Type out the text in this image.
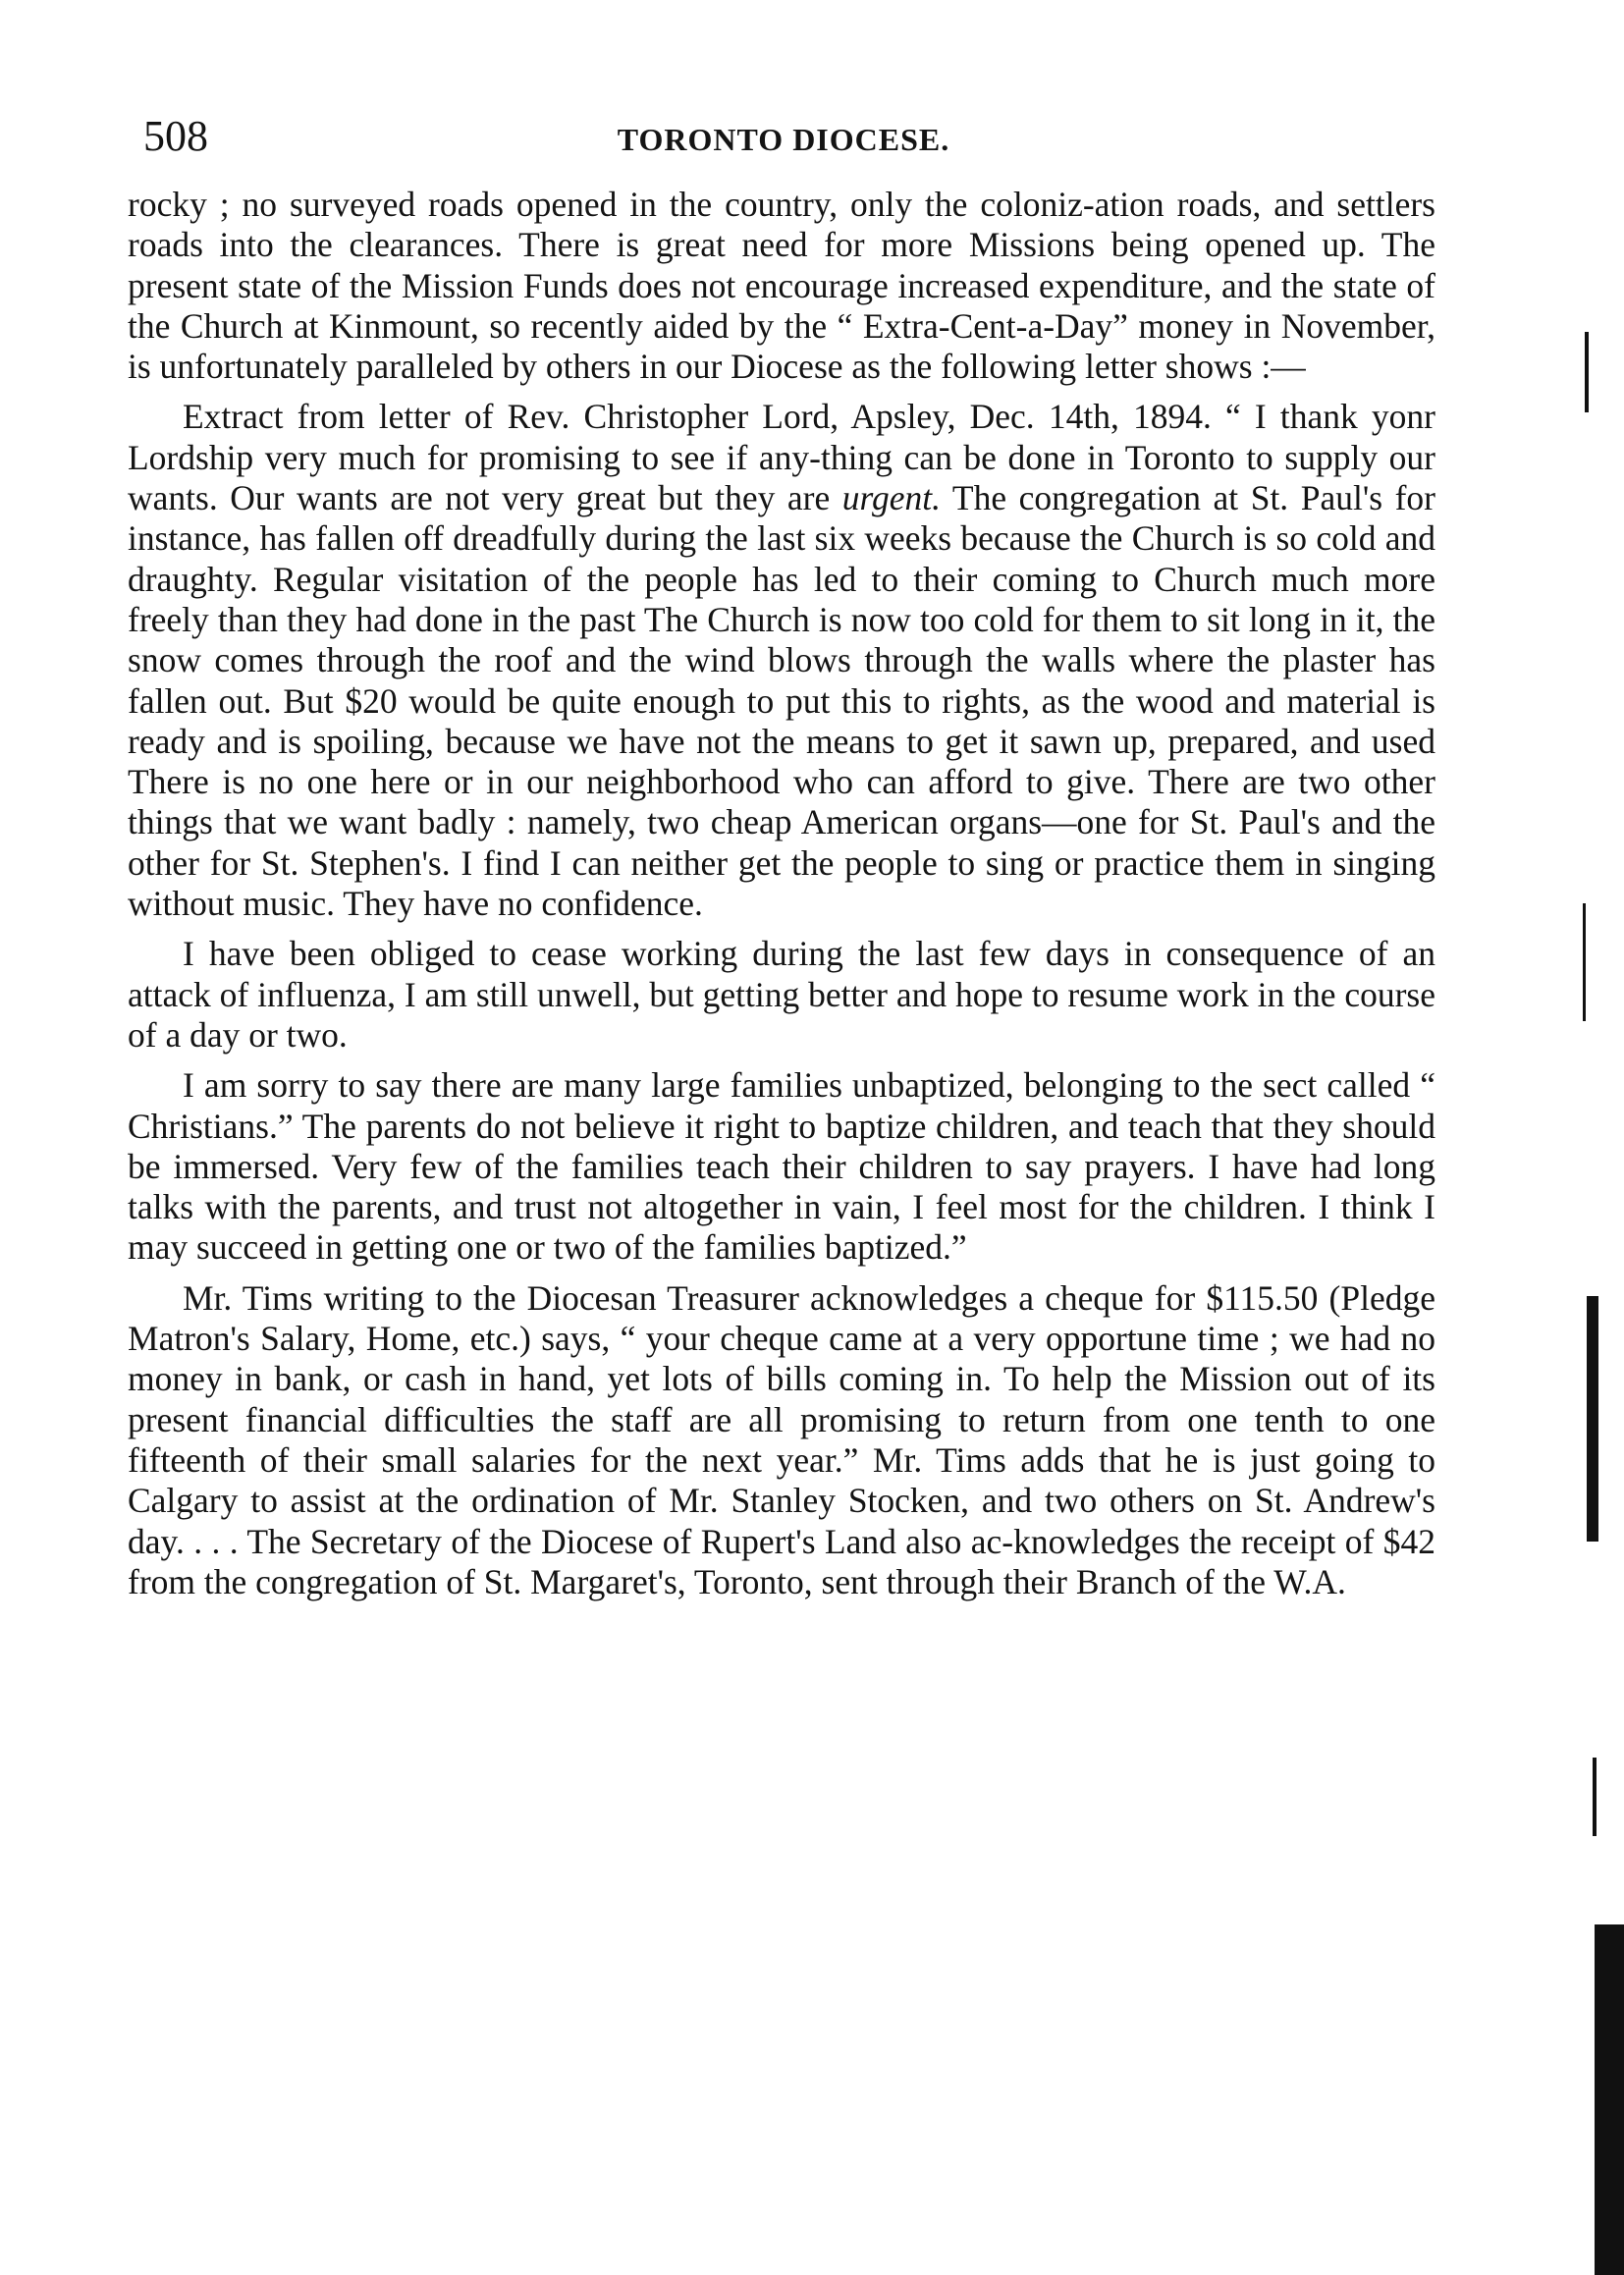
508	TORONTO DIOCESE.

rocky ; no surveyed roads opened in the country, only the coloniz-ation roads, and settlers roads into the clearances. There is great need for more Missions being opened up. The present state of the Mission Funds does not encourage increased expenditure, and the state of the Church at Kinmount, so recently aided by the “ Extra-Cent-a-Day” money in November, is unfortunately paralleled by others in our Diocese as the following letter shows :—

Extract from letter of Rev. Christopher Lord, Apsley, Dec. 14th, 1894. “ I thank yonr Lordship very much for promising to see if any-thing can be done in Toronto to supply our wants. Our wants are not very great but they are urgent. The congregation at St. Paul's for instance, has fallen off dreadfully during the last six weeks because the Church is so cold and draughty. Regular visitation of the people has led to their coming to Church much more freely than they had done in the past The Church is now too cold for them to sit long in it, the snow comes through the roof and the wind blows through the walls where the plaster has fallen out. But $20 would be quite enough to put this to rights, as the wood and material is ready and is spoiling, because we have not the means to get it sawn up, prepared, and used There is no one here or in our neighborhood who can afford to give. There are two other things that we want badly : namely, two cheap American organs—one for St. Paul's and the other for St. Stephen's. I find I can neither get the people to sing or practice them in singing without music. They have no confidence.

I have been obliged to cease working during the last few days in consequence of an attack of influenza, I am still unwell, but getting better and hope to resume work in the course of a day or two.

I am sorry to say there are many large families unbaptized, belonging to the sect called “ Christians.” The parents do not believe it right to baptize children, and teach that they should be immersed. Very few of the families teach their children to say prayers. I have had long talks with the parents, and trust not altogether in vain, I feel most for the children. I think I may succeed in getting one or two of the families baptized.”

Mr. Tims writing to the Diocesan Treasurer acknowledges a cheque for $115.50 (Pledge Matron's Salary, Home, etc.) says, “ your cheque came at a very opportune time ; we had no money in bank, or cash in hand, yet lots of bills coming in. To help the Mission out of its present financial difficulties the staff are all promising to return from one tenth to one fifteenth of their small salaries for the next year.” Mr. Tims adds that he is just going to Calgary to assist at the ordination of Mr. Stanley Stocken, and two others on St. Andrew's day. . . . The Secretary of the Diocese of Rupert's Land also ac-knowledges the receipt of $42 from the congregation of St. Margaret's, Toronto, sent through their Branch of the W.A.
